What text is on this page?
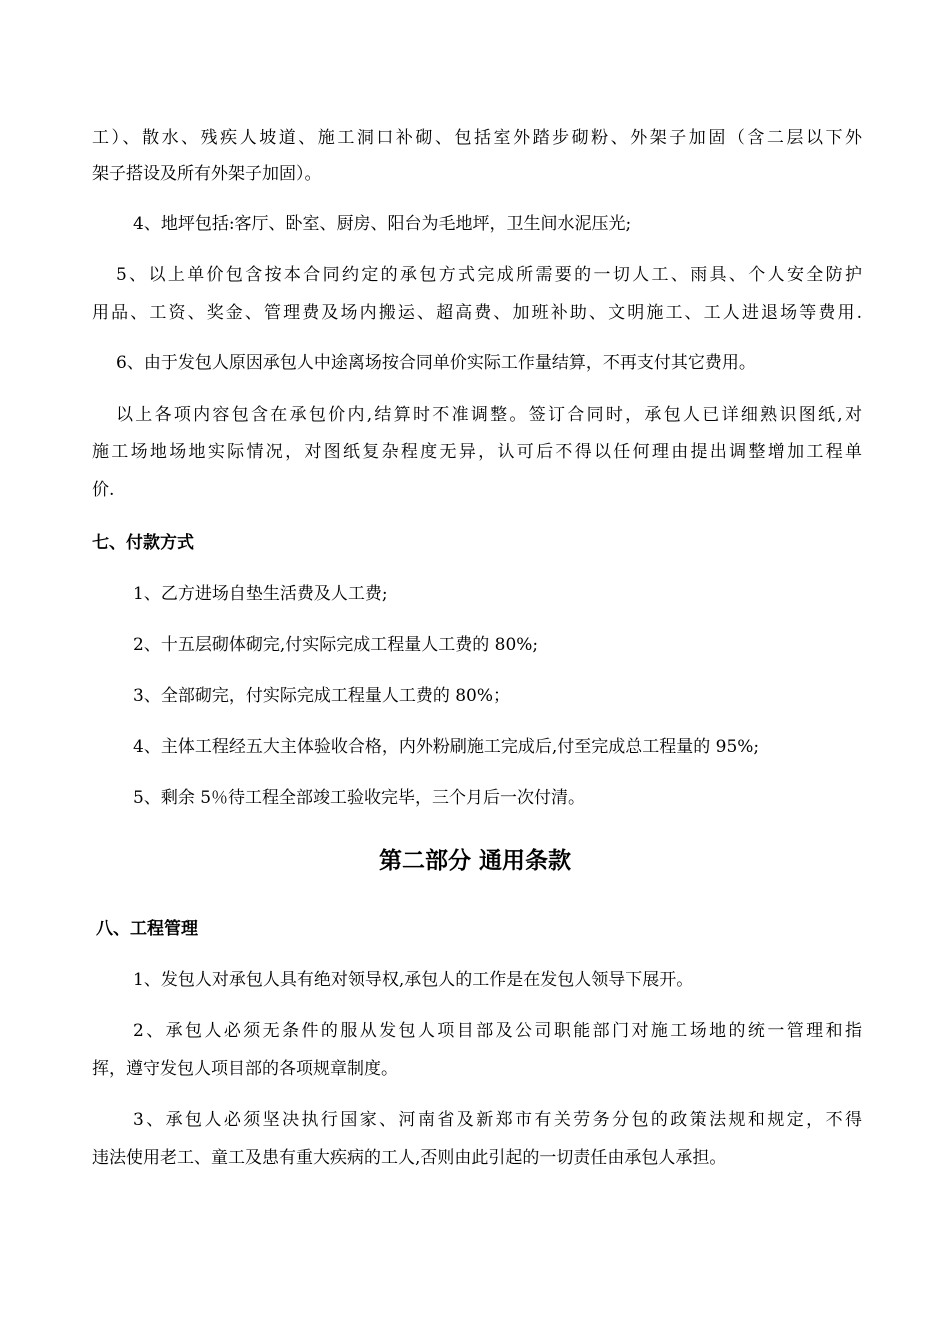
工）、散水、残疾人坡道、施工洞口补砌、包括室外踏步砌粉、外架子加固（含二层以下外
架子搭设及所有外架子加固）。
4、地坪包括:客厅、卧室、厨房、阳台为毛地坪，卫生间水泥压光;
5、以上单价包含按本合同约定的承包方式完成所需要的一切人工、雨具、个人安全防护
用品、工资、奖金、管理费及场内搬运、超高费、加班补助、文明施工、工人进退场等费用.
6、由于发包人原因承包人中途离场按合同单价实际工作量结算，不再支付其它费用。
以上各项内容包含在承包价内,结算时不准调整。签订合同时，承包人已详细熟识图纸,对
施工场地场地实际情况，对图纸复杂程度无异，认可后不得以任何理由提出调整增加工程单
价.
七、付款方式
1、乙方进场自垫生活费及人工费;
2、十五层砌体砌完,付实际完成工程量人工费的 80%;
3、全部砌完，付实际完成工程量人工费的 80%；
4、主体工程经五大主体验收合格，内外粉刷施工完成后,付至完成总工程量的 95%;
5、剩余 5％待工程全部竣工验收完毕，三个月后一次付清。
第二部分 通用条款
八、工程管理
1、发包人对承包人具有绝对领导权,承包人的工作是在发包人领导下展开。
2、承包人必须无条件的服从发包人项目部及公司职能部门对施工场地的统一管理和指
挥，遵守发包人项目部的各项规章制度。
3、承包人必须坚决执行国家、河南省及新郑市有关劳务分包的政策法规和规定，不得
违法使用老工、童工及患有重大疾病的工人,否则由此引起的一切责任由承包人承担。
